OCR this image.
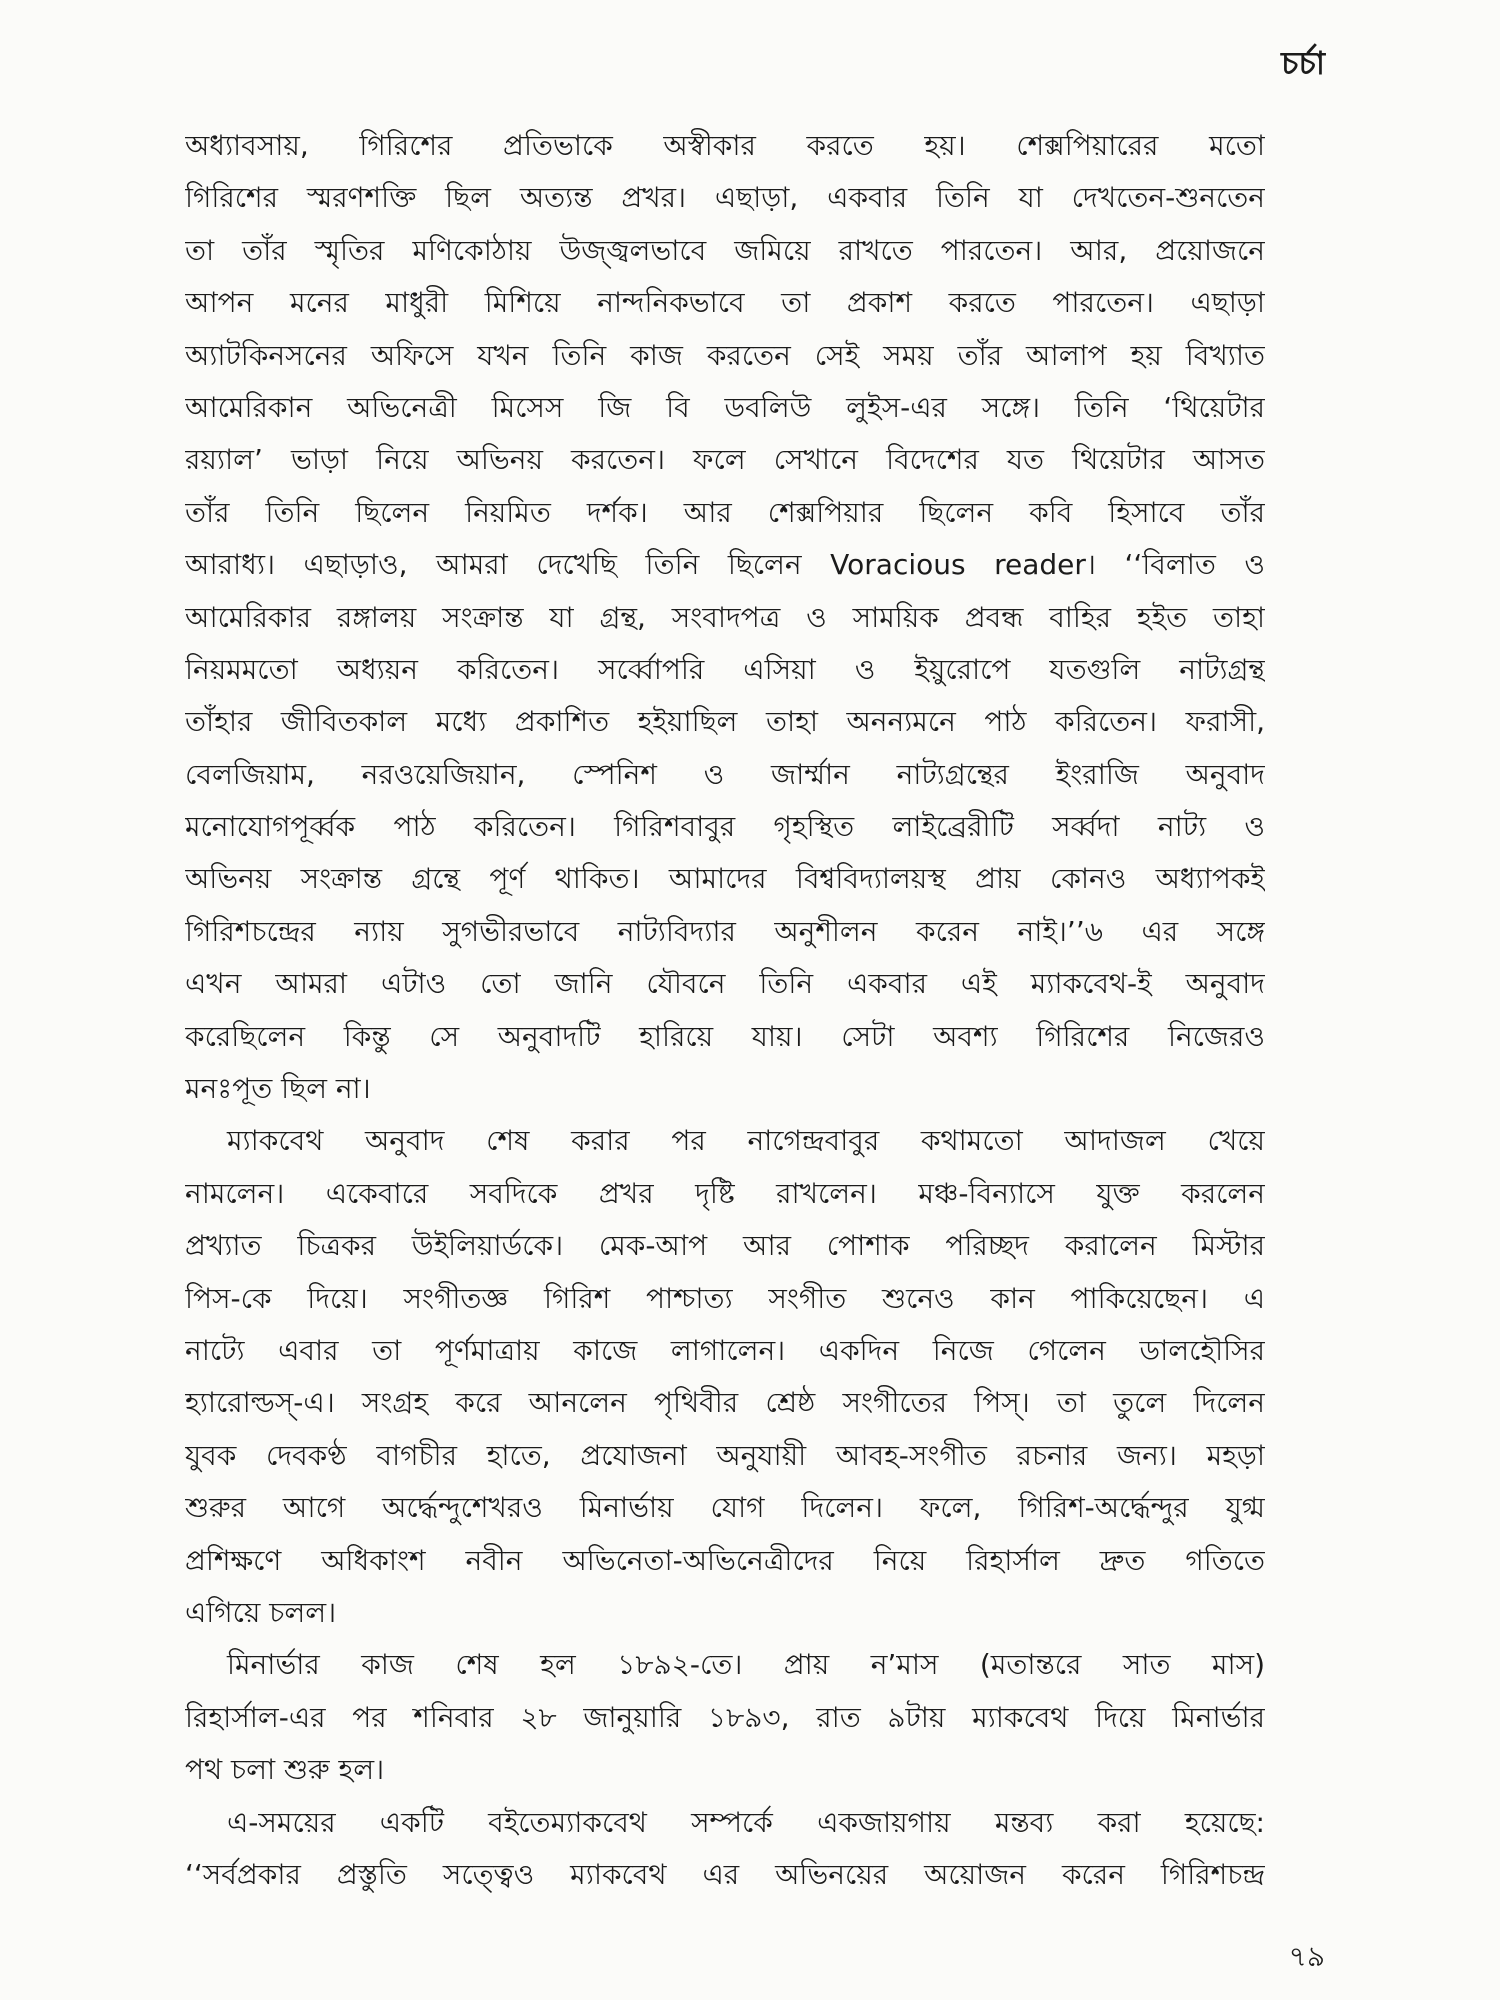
চর্চা
অধ্যাবসায়, গিরিশের প্রতিভাকে অস্বীকার করতে হয়। শেক্সপিয়ারের মতো
গিরিশের স্মরণশক্তি ছিল অত্যন্ত প্রখর। এছাড়া, একবার তিনি যা দেখতেন-শুনতেন
তা তাঁর স্মৃতির মণিকোঠায় উজ্জ্বলভাবে জমিয়ে রাখতে পারতেন। আর, প্রয়োজনে
আপন মনের মাধুরী মিশিয়ে নান্দনিকভাবে তা প্রকাশ করতে পারতেন। এছাড়া
অ্যাটকিনসনের অফিসে যখন তিনি কাজ করতেন সেই সময় তাঁর আলাপ হয় বিখ্যাত
আমেরিকান অভিনেত্রী মিসেস জি বি ডবলিউ লুইস-এর সঙ্গে। তিনি ‘থিয়েটার
রয়্যাল’ ভাড়া নিয়ে অভিনয় করতেন। ফলে সেখানে বিদেশের যত থিয়েটার আসত
তাঁর তিনি ছিলেন নিয়মিত দর্শক। আর শেক্সপিয়ার ছিলেন কবি হিসাবে তাঁর
আরাধ্য। এছাড়াও, আমরা দেখেছি তিনি ছিলেন Voracious reader। ‘‘বিলাত ও
আমেরিকার রঙ্গালয় সংক্রান্ত যা গ্রন্থ, সংবাদপত্র ও সাময়িক প্রবন্ধ বাহির হইত তাহা
নিয়মমতো অধ্যয়ন করিতেন। সর্ব্বোপরি এসিয়া ও ইয়ুরোপে যতগুলি নাট্যগ্রন্থ
তাঁহার জীবিতকাল মধ্যে প্রকাশিত হইয়াছিল তাহা অনন্যমনে পাঠ করিতেন। ফরাসী,
বেলজিয়াম, নরওয়েজিয়ান, স্পেনিশ ও জার্ম্মান নাট্যগ্রন্থের ইংরাজি অনুবাদ
মনোযোগপূর্ব্বক পাঠ করিতেন। গিরিশবাবুর গৃহস্থিত লাইব্রেরীটি সর্ব্বদা নাট্য ও
অভিনয় সংক্রান্ত গ্রন্থে পূর্ণ থাকিত। আমাদের বিশ্ববিদ্যালয়স্থ প্রায় কোনও অধ্যাপকই
গিরিশচন্দ্রের ন্যায় সুগভীরভাবে নাট্যবিদ্যার অনুশীলন করেন নাই।’’৬ এর সঙ্গে
এখন আমরা এটাও তো জানি যৌবনে তিনি একবার এই ম্যাকবেথ-ই অনুবাদ
করেছিলেন কিন্তু সে অনুবাদটি হারিয়ে যায়। সেটা অবশ্য গিরিশের নিজেরও
মনঃপূত ছিল না।
ম্যাকবেথ অনুবাদ শেষ করার পর নাগেন্দ্রবাবুর কথামতো আদাজল খেয়ে
নামলেন। একেবারে সবদিকে প্রখর দৃষ্টি রাখলেন। মঞ্চ-বিন্যাসে যুক্ত করলেন
প্রখ্যাত চিত্রকর উইলিয়ার্ডকে। মেক-আপ আর পোশাক পরিচ্ছদ করালেন মিস্টার
পিস-কে দিয়ে। সংগীতজ্ঞ গিরিশ পাশ্চাত্য সংগীত শুনেও কান পাকিয়েছেন। এ
নাট্যে এবার তা পূর্ণমাত্রায় কাজে লাগালেন। একদিন নিজে গেলেন ডালহৌসির
হ্যারোল্ডস্-এ। সংগ্রহ করে আনলেন পৃথিবীর শ্রেষ্ঠ সংগীতের পিস্। তা তুলে দিলেন
যুবক দেবকণ্ঠ বাগচীর হাতে, প্রযোজনা অনুযায়ী আবহ-সংগীত রচনার জন্য। মহড়া
শুরুর আগে অর্দ্ধেন্দুশেখরও মিনার্ভায় যোগ দিলেন। ফলে, গিরিশ-অর্দ্ধেন্দুর যুগ্ম
প্রশিক্ষণে অধিকাংশ নবীন অভিনেতা-অভিনেত্রীদের নিয়ে রিহার্সাল দ্রুত গতিতে
এগিয়ে চলল।
মিনার্ভার কাজ শেষ হল ১৮৯২-তে। প্রায় ন’মাস (মতান্তরে সাত মাস)
রিহার্সাল-এর পর শনিবার ২৮ জানুয়ারি ১৮৯৩, রাত ৯টায় ম্যাকবেথ দিয়ে মিনার্ভার
পথ চলা শুরু হল।
এ-সময়ের একটি বইতেম্যাকবেথ সম্পর্কে একজায়গায় মন্তব্য করা হয়েছে:
‘‘সর্বপ্রকার প্রস্তুতি সত্ত্বেও ম্যাকবেথ এর অভিনয়ের অয়োজন করেন গিরিশচন্দ্র
৭৯
